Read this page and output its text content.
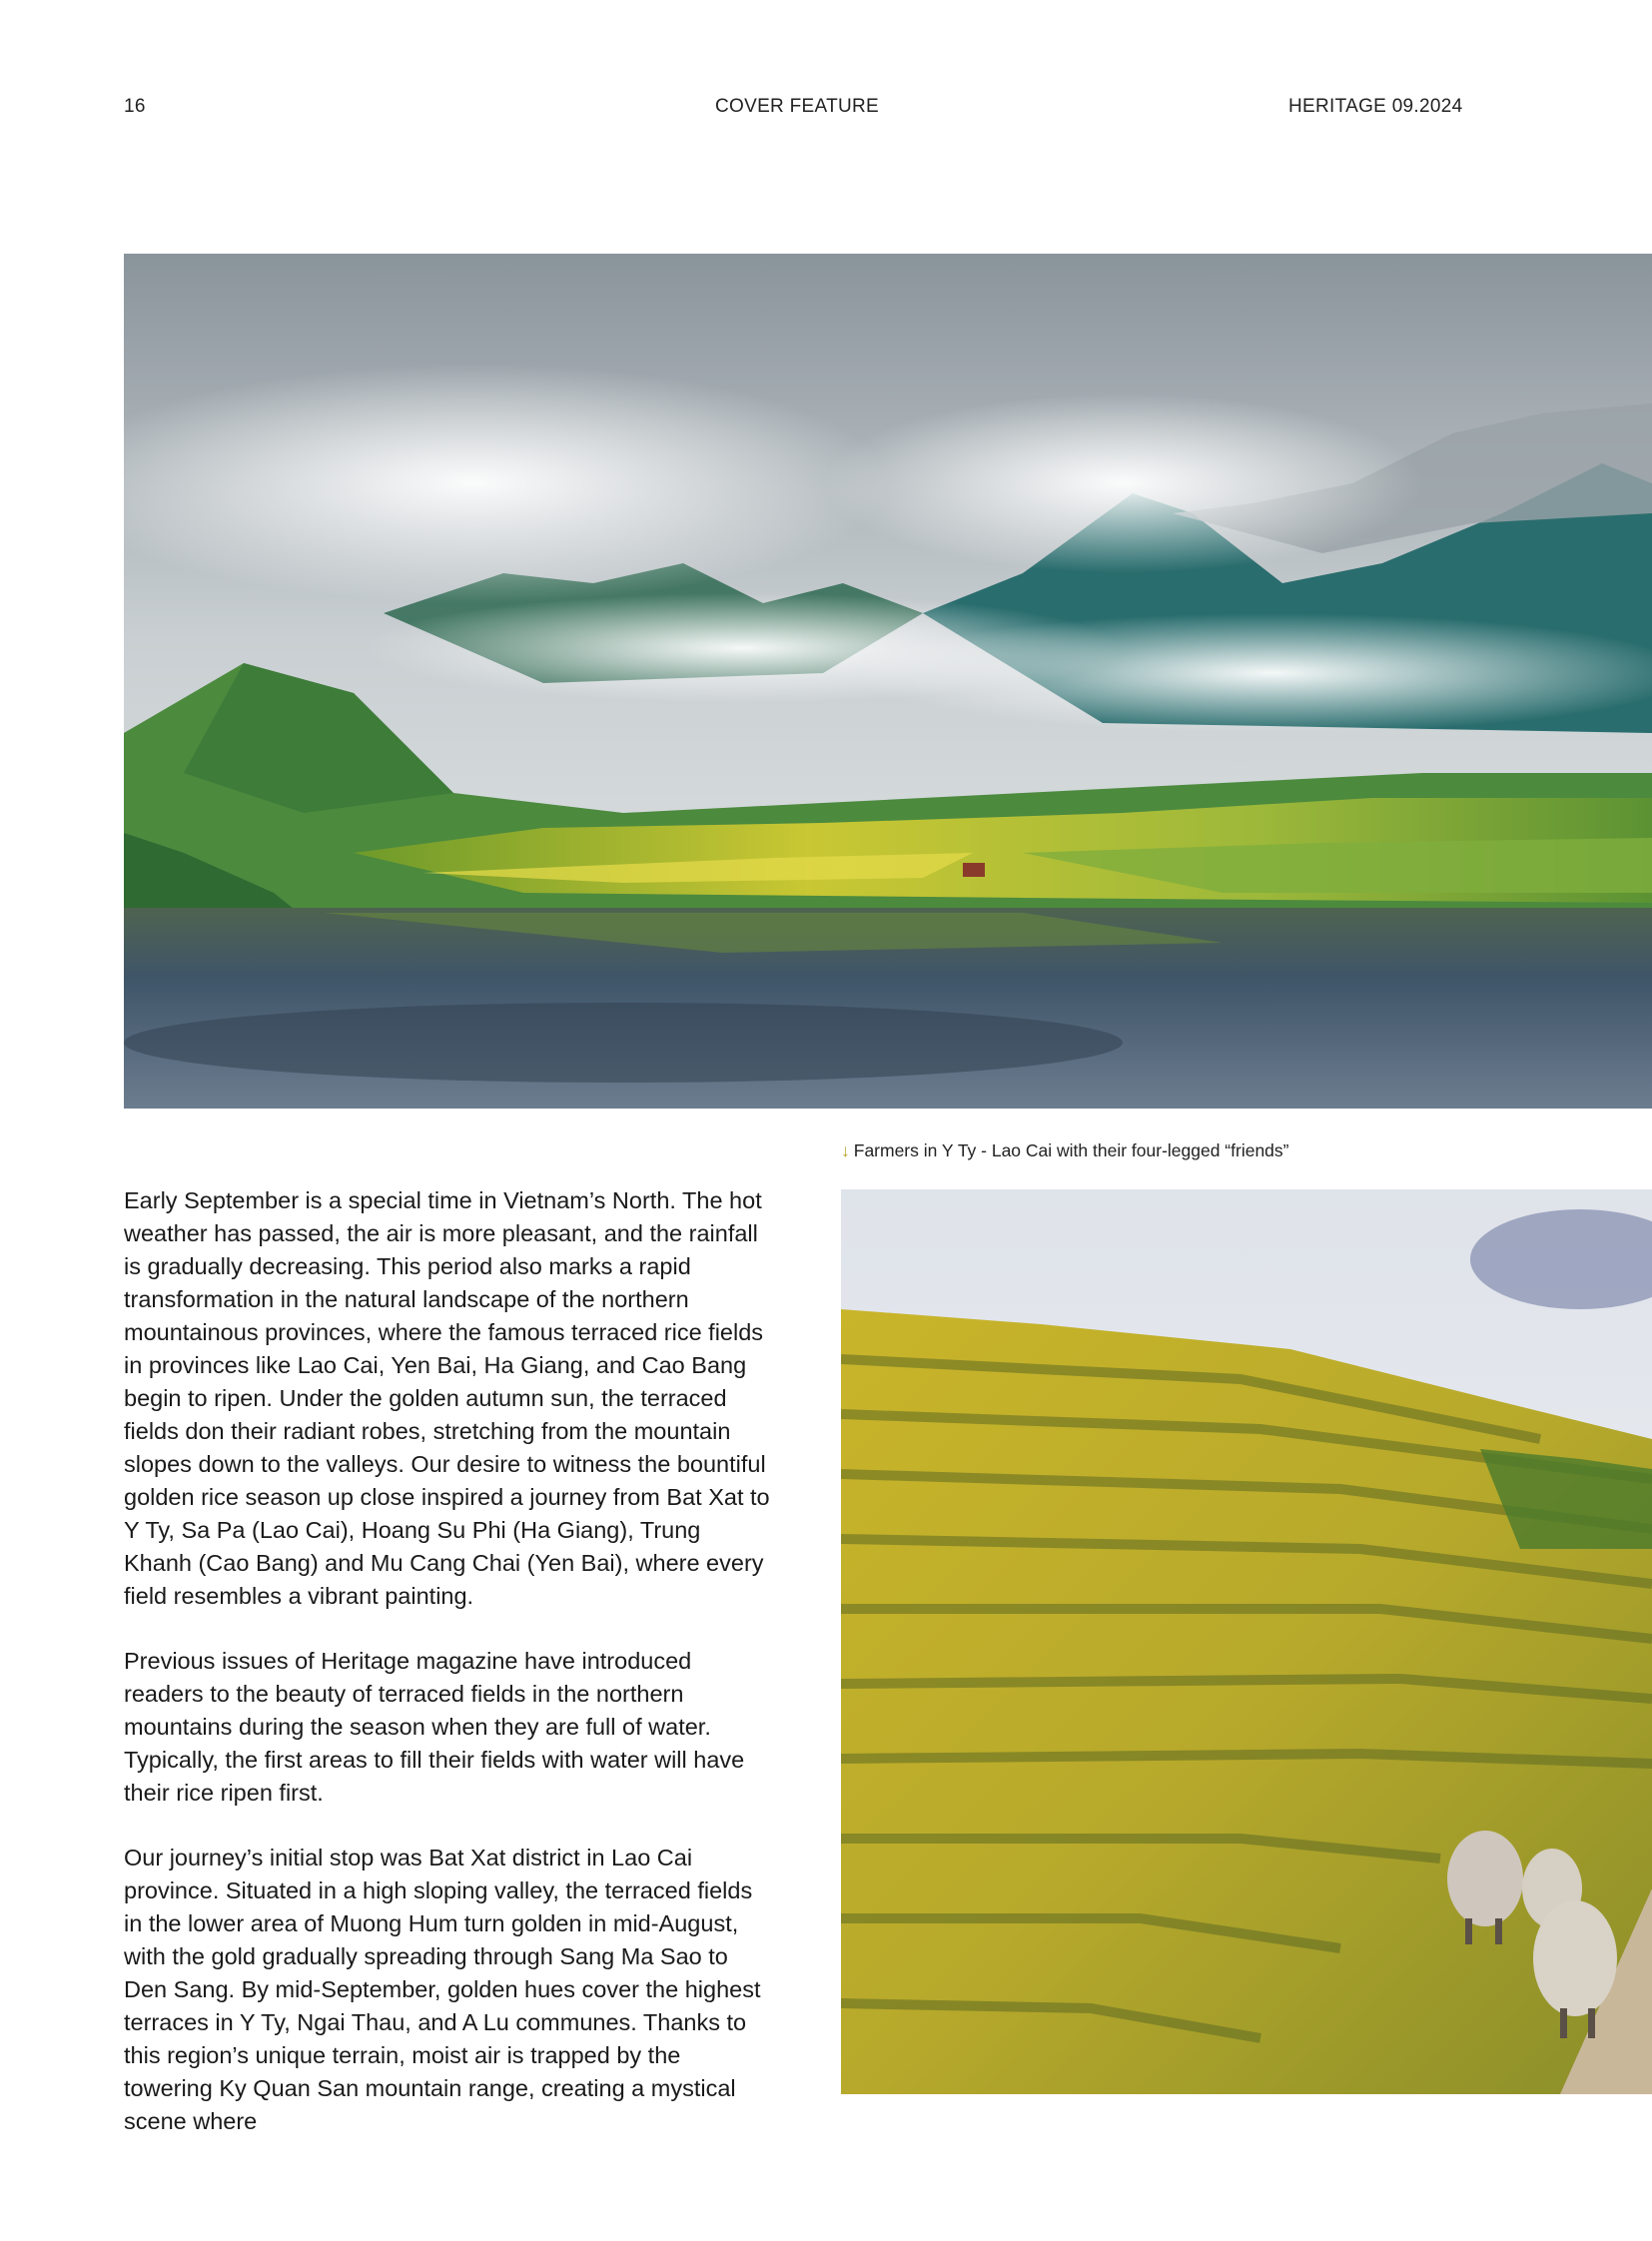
16	COVER FEATURE	HERITAGE 09.2024
↓ Farmers in Y Ty - Lao Cai with their four-legged “friends”

Early September is a special time in Vietnam’s North. The hot weather has passed, the air is more pleasant, and the rainfall is gradually decreasing. This period also marks a rapid transformation in the natural landscape of the northern mountainous provinces, where the famous terraced rice fields in provinces like Lao Cai, Yen Bai, Ha Giang, and Cao Bang begin to ripen. Under the golden autumn sun, the terraced fields don their radiant robes, stretching from the mountain slopes down to the valleys. Our desire to witness the bountiful golden rice season up close inspired a journey from Bat Xat to Y Ty, Sa Pa (Lao Cai), Hoang Su Phi (Ha Giang), Trung Khanh (Cao Bang) and Mu Cang Chai (Yen Bai), where every field resembles a vibrant painting.

Previous issues of Heritage magazine have introduced readers to the beauty of terraced fields in the northern mountains during the season when they are full of water. Typically, the first areas to fill their fields with water will have their rice ripen first.

Our journey’s initial stop was Bat Xat district in Lao Cai province. Situated in a high sloping valley, the terraced fields in the lower area of Muong Hum turn golden in mid-August, with the gold gradually spreading through Sang Ma Sao to Den Sang. By mid-September, golden hues cover the highest terraces in Y Ty, Ngai Thau, and A Lu communes. Thanks to this region’s unique terrain, moist air is trapped by the towering Ky Quan San mountain range, creating a mystical scene where
